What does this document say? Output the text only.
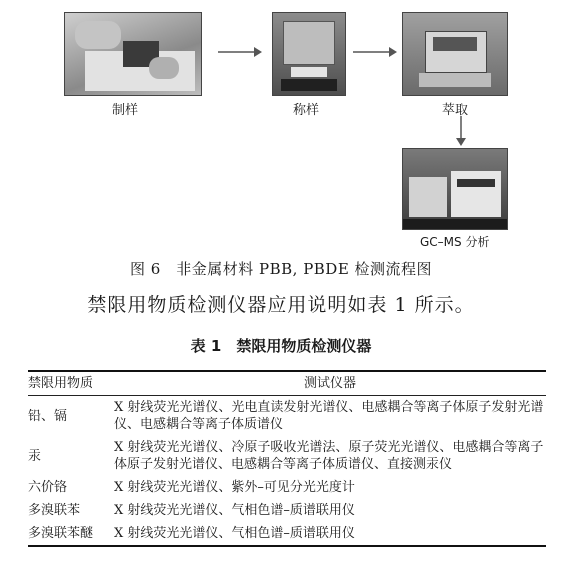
制样	称样	萃取
GC–MS 分析
图 6　非金属材料 PBB, PBDE 检测流程图
禁限用物质检测仪器应用说明如表 1 所示。
表 1　禁限用物质检测仪器
禁限用物质	测试仪器
铅、镉	X 射线荧光光谱仪、光电直读发射光谱仪、电感耦合等离子体原子发射光谱仪、电感耦合等离子体质谱仪
汞	X 射线荧光光谱仪、冷原子吸收光谱法、原子荧光光谱仪、电感耦合等离子体原子发射光谱仪、电感耦合等离子体质谱仪、直接测汞仪
六价铬	X 射线荧光光谱仪、紫外–可见分光光度计
多溴联苯	X 射线荧光光谱仪、气相色谱–质谱联用仪
多溴联苯醚	X 射线荧光光谱仪、气相色谱–质谱联用仪
